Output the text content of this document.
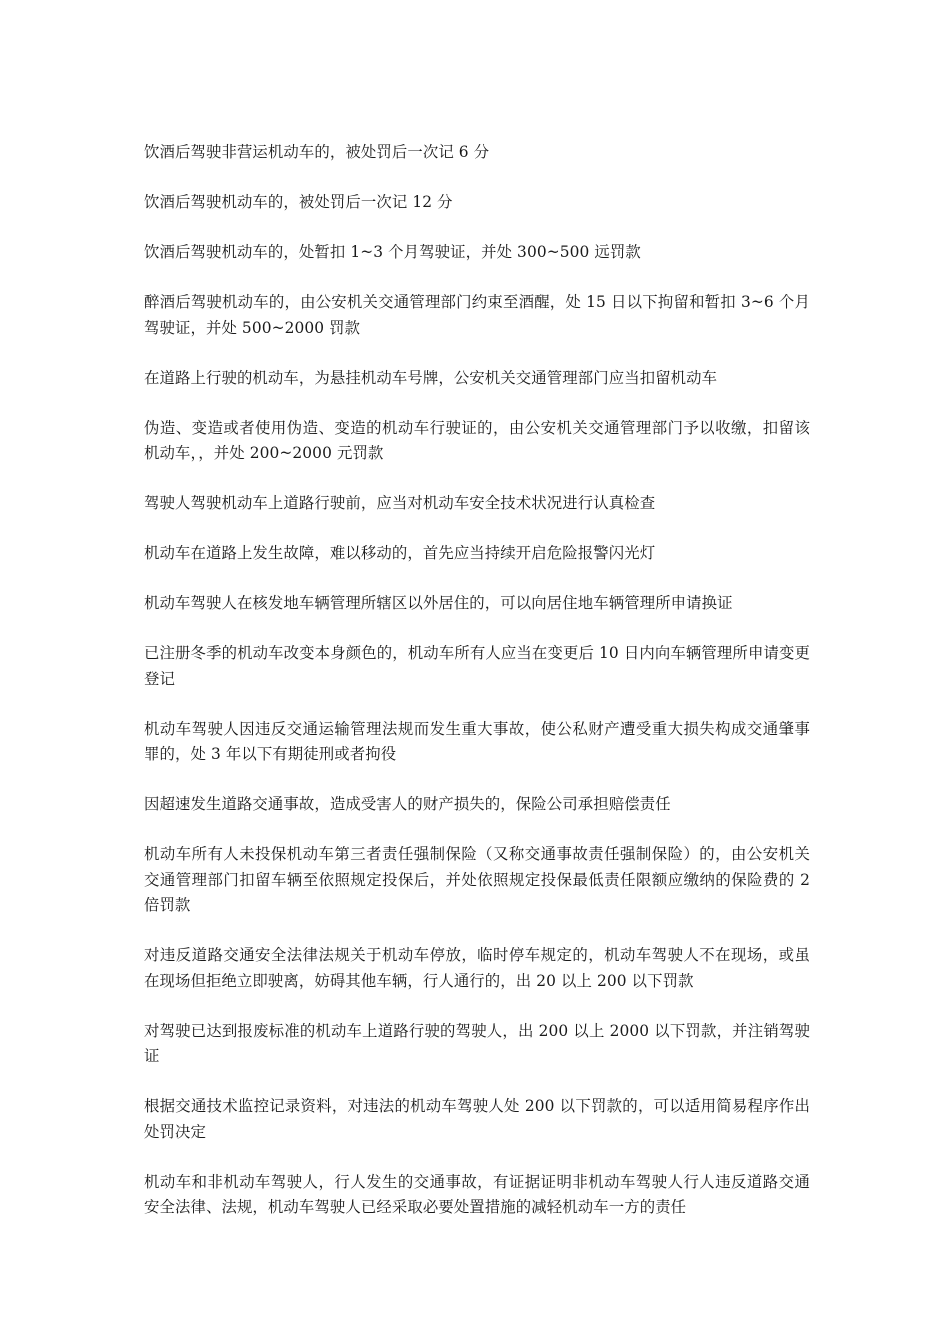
饮酒后驾驶非营运机动车的，被处罚后一次记 6 分

饮酒后驾驶机动车的，被处罚后一次记 12 分

饮酒后驾驶机动车的，处暂扣 1~3 个月驾驶证，并处 300~500 远罚款

醉酒后驾驶机动车的，由公安机关交通管理部门约束至酒醒，处 15 日以下拘留和暂扣 3~6 个月驾驶证，并处 500~2000 罚款

在道路上行驶的机动车，为悬挂机动车号牌，公安机关交通管理部门应当扣留机动车

伪造、变造或者使用伪造、变造的机动车行驶证的，由公安机关交通管理部门予以收缴，扣留该机动车，，并处 200~2000 元罚款

驾驶人驾驶机动车上道路行驶前，应当对机动车安全技术状况进行认真检查

机动车在道路上发生故障，难以移动的，首先应当持续开启危险报警闪光灯

机动车驾驶人在核发地车辆管理所辖区以外居住的，可以向居住地车辆管理所申请换证

已注册冬季的机动车改变本身颜色的，机动车所有人应当在变更后 10 日内向车辆管理所申请变更登记

机动车驾驶人因违反交通运输管理法规而发生重大事故，使公私财产遭受重大损失构成交通肇事罪的，处 3 年以下有期徒刑或者拘役

因超速发生道路交通事故，造成受害人的财产损失的，保险公司承担赔偿责任

机动车所有人未投保机动车第三者责任强制保险（又称交通事故责任强制保险）的，由公安机关交通管理部门扣留车辆至依照规定投保后，并处依照规定投保最低责任限额应缴纳的保险费的 2 倍罚款

对违反道路交通安全法律法规关于机动车停放，临时停车规定的，机动车驾驶人不在现场，或虽在现场但拒绝立即驶离，妨碍其他车辆，行人通行的，出 20 以上 200 以下罚款

对驾驶已达到报废标准的机动车上道路行驶的驾驶人，出 200 以上 2000 以下罚款，并注销驾驶证

根据交通技术监控记录资料，对违法的机动车驾驶人处 200 以下罚款的，可以适用简易程序作出处罚决定

机动车和非机动车驾驶人，行人发生的交通事故，有证据证明非机动车驾驶人行人违反道路交通安全法律、法规，机动车驾驶人已经采取必要处置措施的减轻机动车一方的责任
